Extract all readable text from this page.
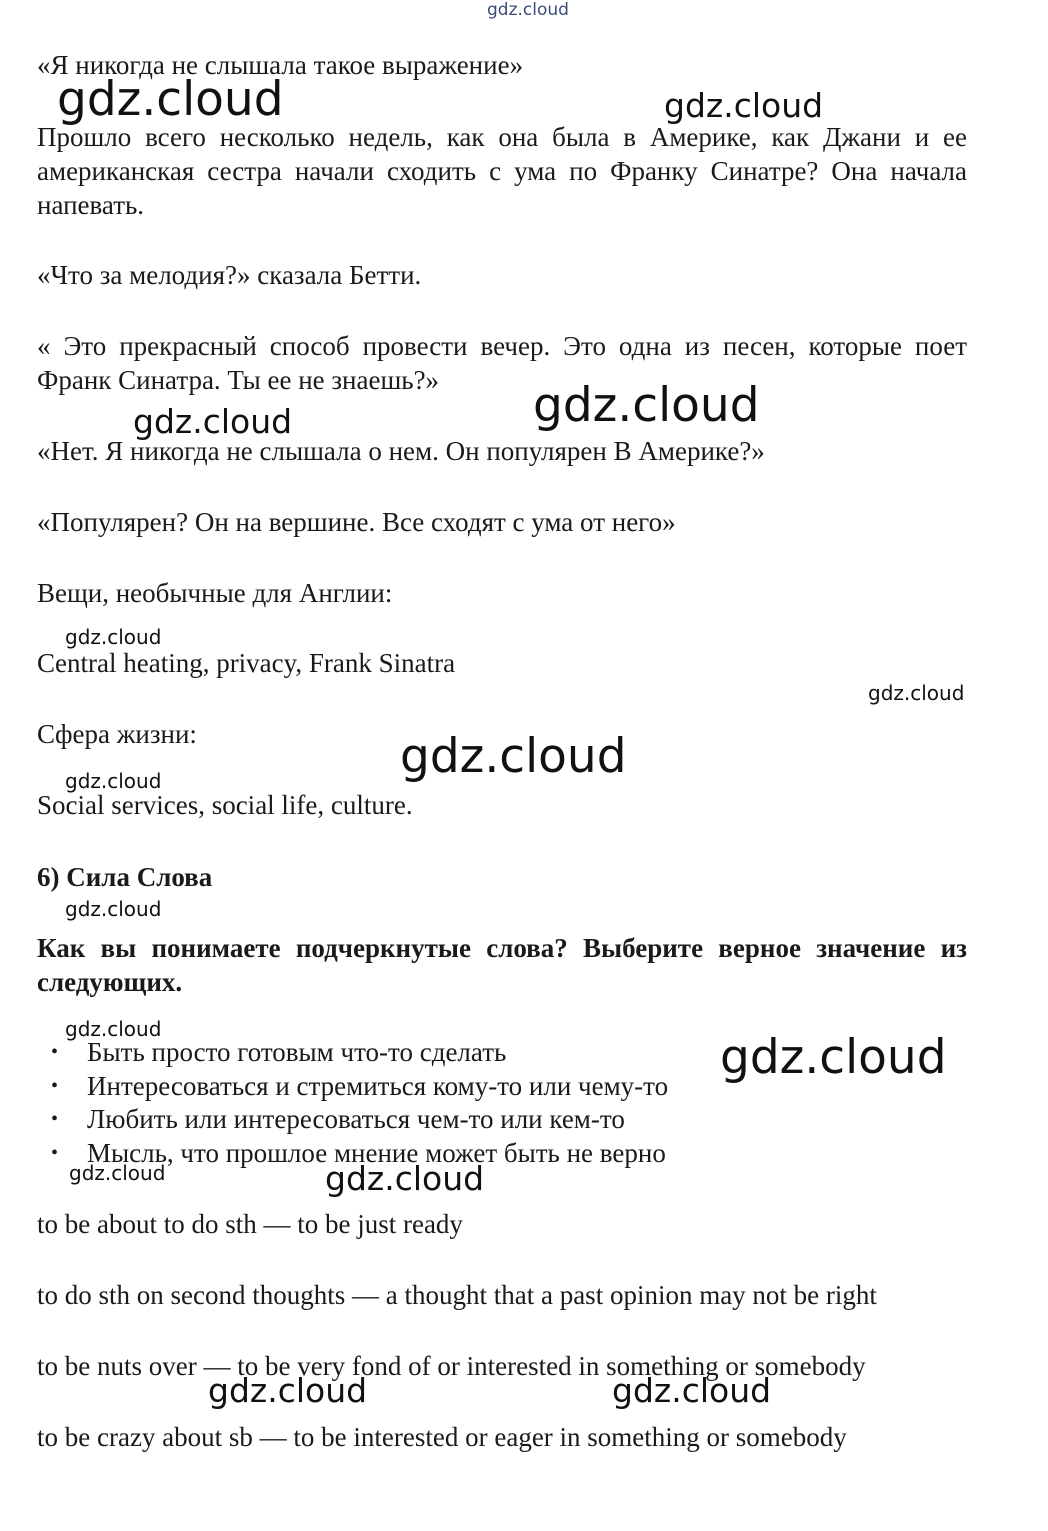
gdz.cloud
gdz.cloud	gdz.cloud
gdz.cloud	gdz.cloud
gdz.cloud
gdz.cloud
gdz.cloud
gdz.cloud
gdz.cloud
gdz.cloud
gdz.cloud
gdz.cloud	gdz.cloud
gdz.cloud	gdz.cloud
«Я никогда не слышала такое выражение»
Прошло всего несколько недель, как она была в Америке, как Джани и ее американская сестра начали сходить с ума по Франку Синатре? Она начала напевать.
«Что за мелодия?» сказала Бетти.
« Это прекрасный способ провести вечер. Это одна из песен, которые поет Франк Синатра. Ты ее не знаешь?»
«Нет. Я никогда не слышала о нем. Он популярен В Америке?»
«Популярен? Он на вершине. Все сходят с ума от него»
Вещи, необычные для Англии:
Central heating, privacy, Frank Sinatra
Сфера жизни:
Social services, social life, culture.
6) Сила Слова
Как вы понимаете подчеркнутые слова? Выберите верное значение из следующих.
• Быть просто готовым что-то сделать
• Интересоваться и стремиться кому-то или чему-то
• Любить или интересоваться чем-то или кем-то
• Мысль, что прошлое мнение может быть не верно
to be about to do sth — to be just ready
to do sth on second thoughts — a thought that a past opinion may not be right
to be nuts over — to be very fond of or interested in something or somebody
to be crazy about sb — to be interested or eager in something or somebody
